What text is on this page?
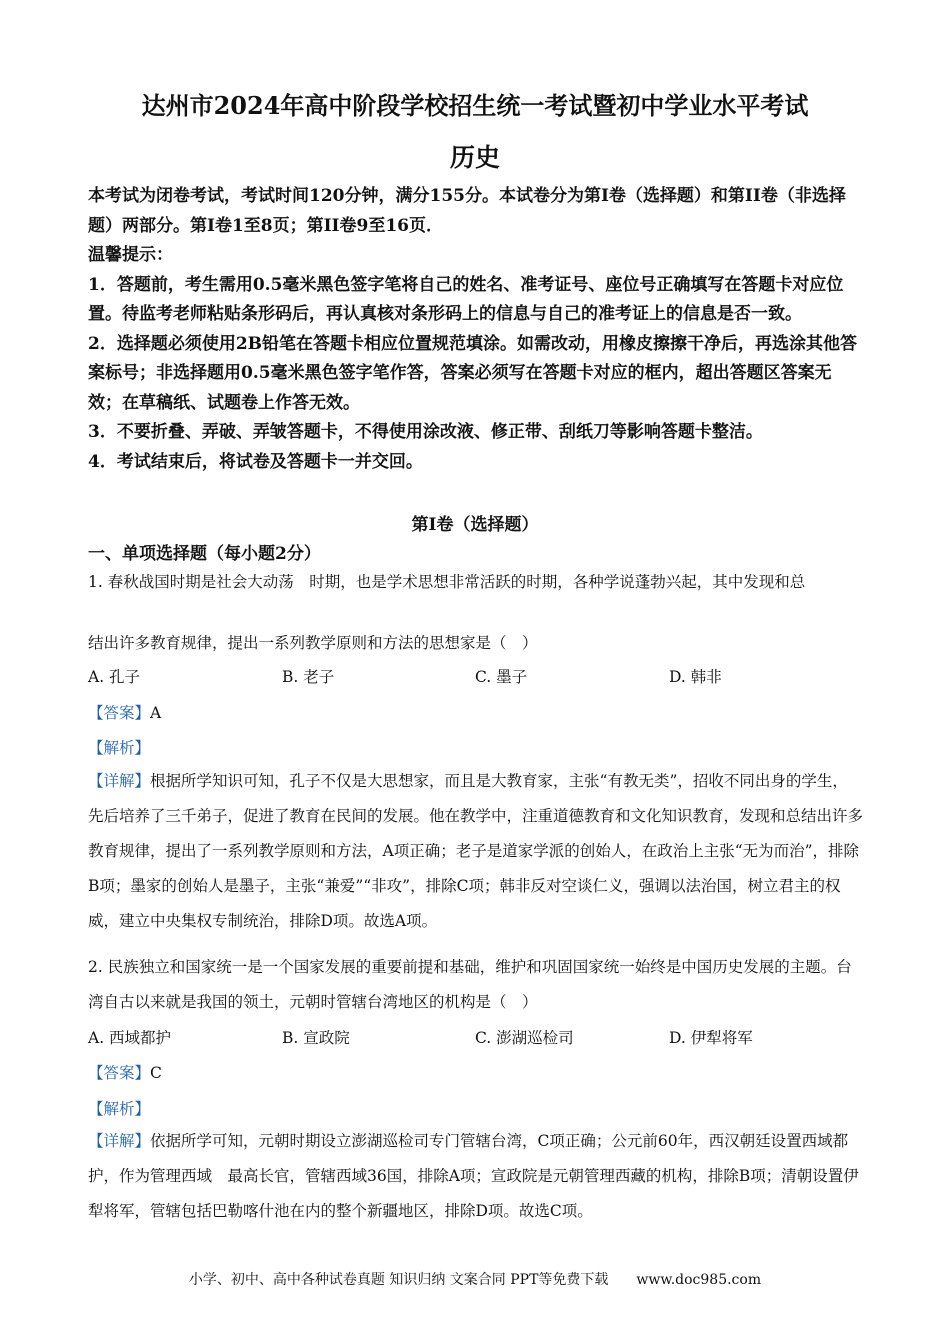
达州市2024年高中阶段学校招生统一考试暨初中学业水平考试
历史

本考试为闭卷考试，考试时间120分钟，满分155分。本试卷分为第I卷（选择题）和第II卷（非选择题）两部分。第I卷1至8页；第II卷9至16页．

温馨提示：

1．答题前，考生需用0.5毫米黑色签字笔将自己的姓名、准考证号、座位号正确填写在答题卡对应位置。待监考老师粘贴条形码后，再认真核对条形码上的信息与自己的准考证上的信息是否一致。

2．选择题必须使用2B铅笔在答题卡相应位置规范填涂。如需改动，用橡皮擦擦干净后，再选涂其他答案标号；非选择题用0.5毫米黑色签字笔作答，答案必须写在答题卡对应的框内，超出答题区答案无效；在草稿纸、试题卷上作答无效。

3．不要折叠、弄破、弄皱答题卡，不得使用涂改液、修正带、刮纸刀等影响答题卡整洁。

4．考试结束后，将试卷及答题卡一并交回。

第Ⅰ卷（选择题）
一、单项选择题（每小题2分）
1. 春秋战国时期是社会大动荡　时期，也是学术思想非常活跃的时期，各种学说蓬勃兴起，其中发现和总
结出许多教育规律，提出一系列教学原则和方法的思想家是（　）
A. 孔子	B. 老子	C. 墨子	D. 韩非
【答案】A
【解析】

【详解】根据所学知识可知，孔子不仅是大思想家，而且是大教育家，主张“有教无类”，招收不同出身的学生，先后培养了三千弟子，促进了教育在民间的发展。他在教学中，注重道德教育和文化知识教育，发现和总结出许多教育规律，提出了一系列教学原则和方法，A项正确；老子是道家学派的创始人，在政治上主张“无为而治”，排除B项；墨家的创始人是墨子，主张“兼爱”“非攻”，排除C项；韩非反对空谈仁义，强调以法治国，树立君主的权威，建立中央集权专制统治，排除D项。故选A项。

2. 民族独立和国家统一是一个国家发展的重要前提和基础，维护和巩固国家统一始终是中国历史发展的主题。台湾自古以来就是我国的领土，元朝时管辖台湾地区的机构是（　）
A. 西域都护	B. 宣政院	C. 澎湖巡检司	D. 伊犁将军
【答案】C
【解析】

【详解】依据所学可知，元朝时期设立澎湖巡检司专门管辖台湾，C项正确；公元前60年，西汉朝廷设置西域都护，作为管理西域　最高长官，管辖西域36国，排除A项；宣政院是元朝管理西藏的机构，排除B项；清朝设置伊犁将军，管辖包括巴勒喀什池在内的整个新疆地区，排除D项。故选C项。

小学、初中、高中各种试卷真题 知识归纳 文案合同 PPT等免费下载　　www.doc985.com
